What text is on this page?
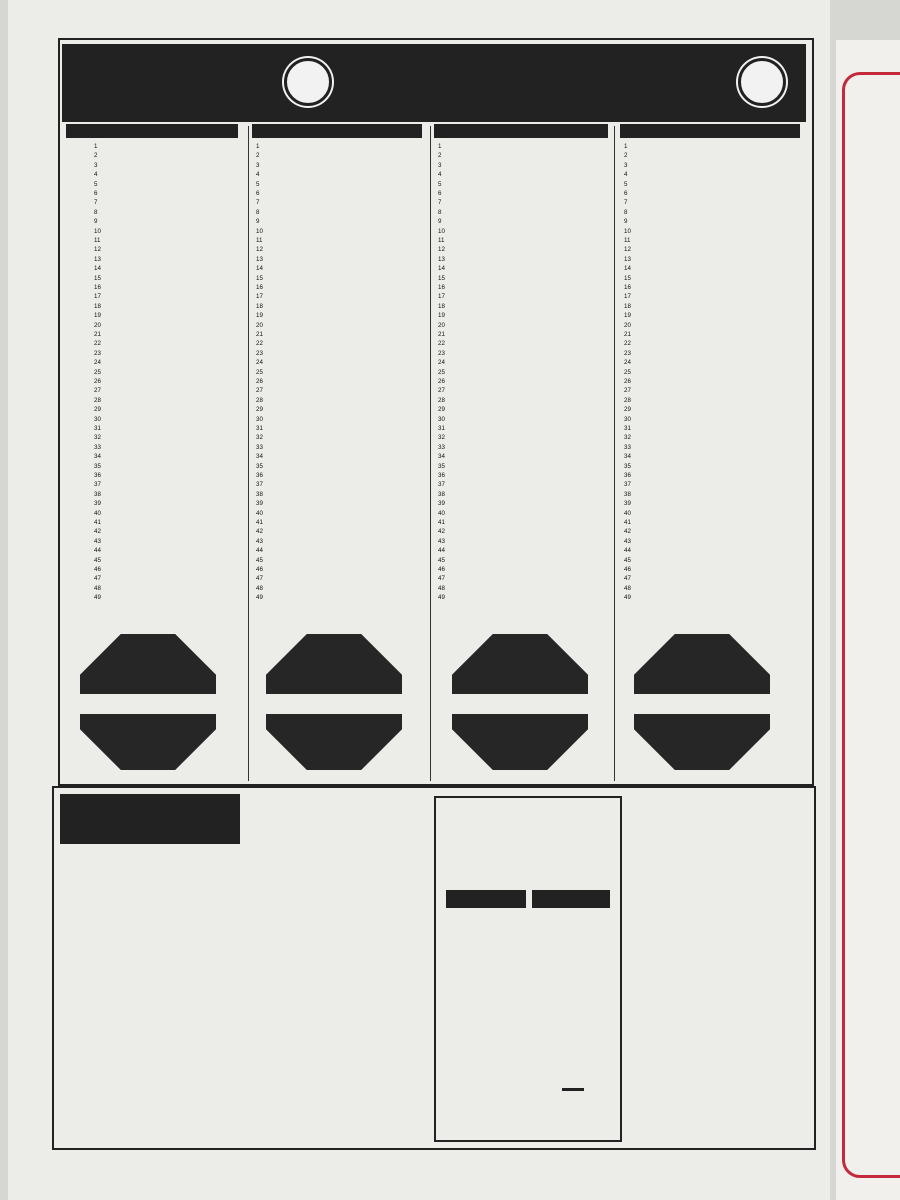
1
2
3
4
5
6
7
8
9
10
11
12
13
14
15
16
17
18
19
20
21
22
23
24
25
26
27
28
29
30
31
32
33
34
35
36
37
38
39
40
41
42
43
44
45
46
47
48
49
1
2
3
4
5
6
7
8
9
10
11
12
13
14
15
16
17
18
19
20
21
22
23
24
25
26
27
28
29
30
31
32
33
34
35
36
37
38
39
40
41
42
43
44
45
46
47
48
49
1
2
3
4
5
6
7
8
9
10
11
12
13
14
15
16
17
18
19
20
21
22
23
24
25
26
27
28
29
30
31
32
33
34
35
36
37
38
39
40
41
42
43
44
45
46
47
48
49
1
2
3
4
5
6
7
8
9
10
11
12
13
14
15
16
17
18
19
20
21
22
23
24
25
26
27
28
29
30
31
32
33
34
35
36
37
38
39
40
41
42
43
44
45
46
47
48
49
